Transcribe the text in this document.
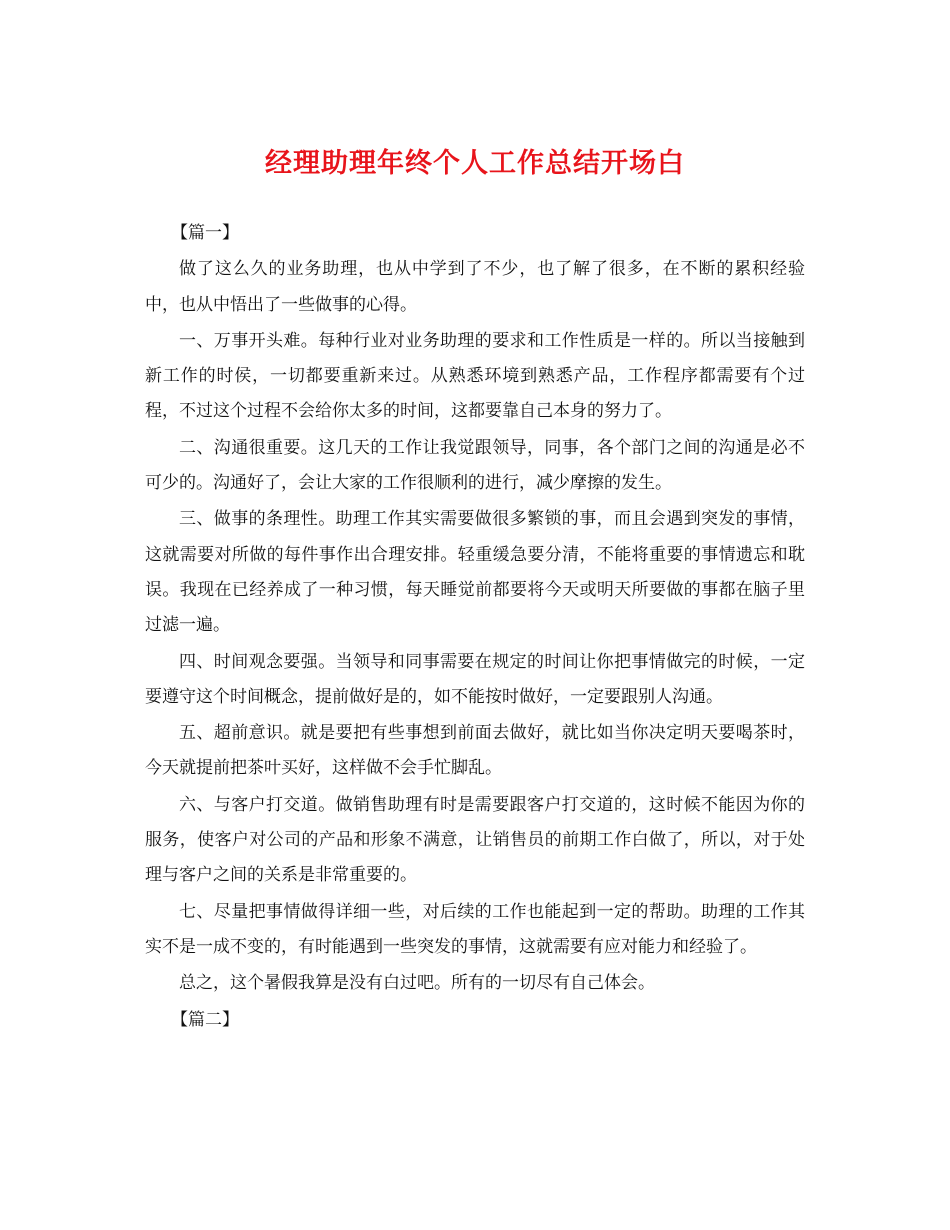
经理助理年终个人工作总结开场白
【篇一】

做了这么久的业务助理，也从中学到了不少，也了解了很多，在不断的累积经验中，也从中悟出了一些做事的心得。

一、万事开头难。每种行业对业务助理的要求和工作性质是一样的。所以当接触到新工作的时侯，一切都要重新来过。从熟悉环境到熟悉产品，工作程序都需要有个过程，不过这个过程不会给你太多的时间，这都要靠自己本身的努力了。

二、沟通很重要。这几天的工作让我觉跟领导，同事，各个部门之间的沟通是必不可少的。沟通好了，会让大家的工作很顺利的进行，减少摩擦的发生。

三、做事的条理性。助理工作其实需要做很多繁锁的事，而且会遇到突发的事情，这就需要对所做的每件事作出合理安排。轻重缓急要分清，不能将重要的事情遗忘和耽误。我现在已经养成了一种习惯，每天睡觉前都要将今天或明天所要做的事都在脑子里过滤一遍。

四、时间观念要强。当领导和同事需要在规定的时间让你把事情做完的时候，一定要遵守这个时间概念，提前做好是的，如不能按时做好，一定要跟别人沟通。

五、超前意识。就是要把有些事想到前面去做好，就比如当你决定明天要喝茶时，今天就提前把茶叶买好，这样做不会手忙脚乱。

六、与客户打交道。做销售助理有时是需要跟客户打交道的，这时候不能因为你的服务，使客户对公司的产品和形象不满意，让销售员的前期工作白做了，所以，对于处理与客户之间的关系是非常重要的。

七、尽量把事情做得详细一些，对后续的工作也能起到一定的帮助。助理的工作其实不是一成不变的，有时能遇到一些突发的事情，这就需要有应对能力和经验了。

总之，这个暑假我算是没有白过吧。所有的一切尽有自己体会。

【篇二】
